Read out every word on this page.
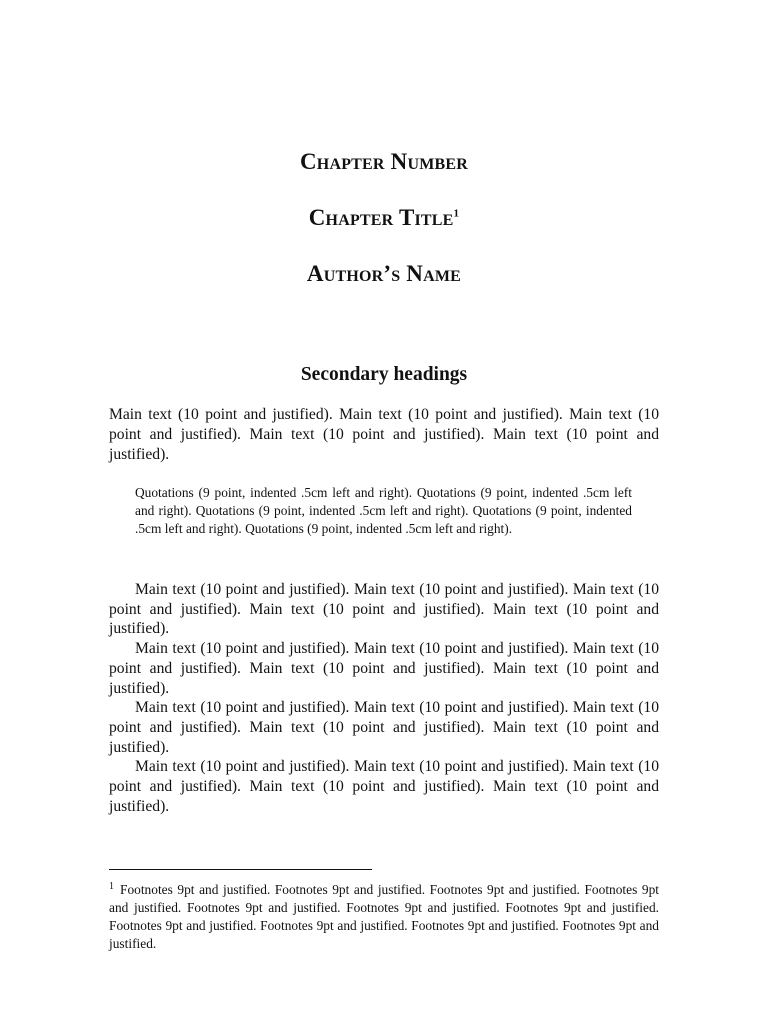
Chapter Number
Chapter Title$^1$
Author’s Name
Secondary headings

Main text (10 point and justified). Main text (10 point and justified). Main text (10 point and justified). Main text (10 point and justified). Main text (10 point and justified).

Quotations (9 point, indented .5cm left and right). Quotations (9 point, indented .5cm left and right). Quotations (9 point, indented .5cm left and right). Quotations (9 point, indented .5cm left and right). Quotations (9 point, indented .5cm left and right).

Main text (10 point and justified). Main text (10 point and justified). Main text (10 point and justified). Main text (10 point and justified). Main text (10 point and justified).

Main text (10 point and justified). Main text (10 point and justified). Main text (10 point and justified). Main text (10 point and justified). Main text (10 point and justified).

Main text (10 point and justified). Main text (10 point and justified). Main text (10 point and justified). Main text (10 point and justified). Main text (10 point and justified).

Main text (10 point and justified). Main text (10 point and justified). Main text (10 point and justified). Main text (10 point and justified). Main text (10 point and justified).

$^1$ Footnotes 9pt and justified. Footnotes 9pt and justified. Footnotes 9pt and justified. Footnotes 9pt and justified. Footnotes 9pt and justified. Footnotes 9pt and justified. Footnotes 9pt and justified. Footnotes 9pt and justified. Footnotes 9pt and justified. Footnotes 9pt and justified. Footnotes 9pt and justified.
